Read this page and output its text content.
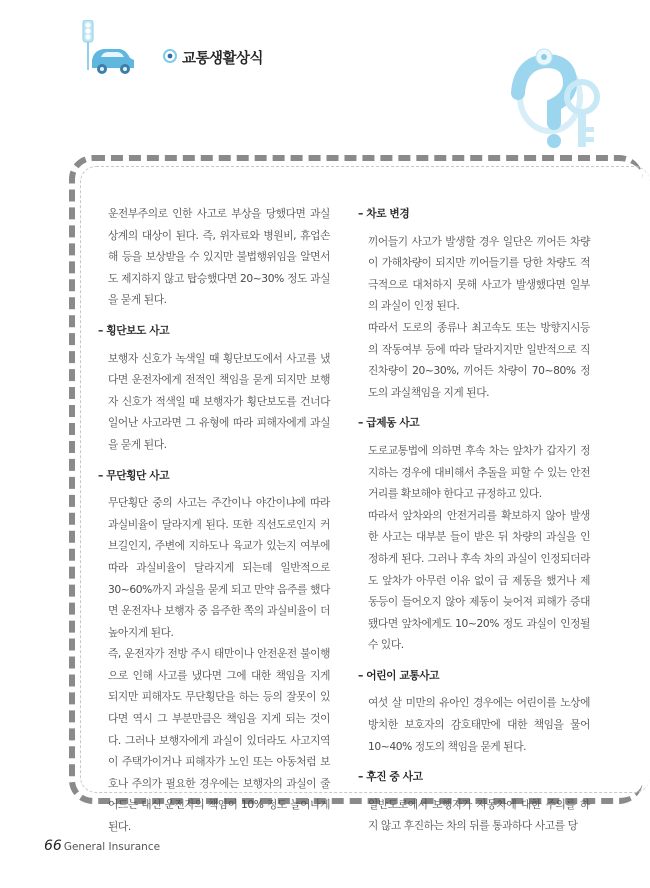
교통생활상식

운전부주의로 인한 사고로 부상을 당했다면 과실상계의 대상이 된다. 즉, 위자료와 병원비, 휴업손해 등을 보상받을 수 있지만 불법행위임을 알면서도 제지하지 않고 탑승했다면 20~30% 정도 과실을 묻게 된다.

– 횡단보도 사고

보행자 신호가 녹색일 때 횡단보도에서 사고를 냈다면 운전자에게 전적인 책임을 묻게 되지만 보행자 신호가 적색일 때 보행자가 횡단보도를 건너다 일어난 사고라면 그 유형에 따라 피해자에게 과실을 묻게 된다.

– 무단횡단 사고

무단횡단 중의 사고는 주간이나 야간이냐에 따라 과실비율이 달라지게 된다. 또한 직선도로인지 커브길인지, 주변에 지하도나 육교가 있는지 여부에 따라 과실비율이 달라지게 되는데 일반적으로 30~60%까지 과실을 묻게 되고 만약 음주를 했다면 운전자나 보행자 중 음주한 쪽의 과실비율이 더 높아지게 된다.

즉, 운전자가 전방 주시 태만이나 안전운전 불이행으로 인해 사고를 냈다면 그에 대한 책임을 지게 되지만 피해자도 무단횡단을 하는 등의 잘못이 있다면 역시 그 부분만큼은 책임을 지게 되는 것이다. 그러나 보행자에게 과실이 있더라도 사고지역이 주택가이거나 피해자가 노인 또는 아동처럼 보호나 주의가 필요한 경우에는 보행자의 과실이 줄어드는 대신 운전자의 책임이 10% 정도 늘어나게 된다.

– 차로 변경

끼어들기 사고가 발생할 경우 일단은 끼어든 차량이 가해차량이 되지만 끼어들기를 당한 차량도 적극적으로 대처하지 못해 사고가 발생했다면 일부의 과실이 인정 된다.

따라서 도로의 종류나 최고속도 또는 방향지시등의 작동여부 등에 따라 달라지지만 일반적으로 직진차량이 20~30%, 끼어든 차량이 70~80% 정도의 과실책임을 지게 된다.

– 급제동 사고

도로교통법에 의하면 후속 차는 앞차가 갑자기 정지하는 경우에 대비해서 추돌을 피할 수 있는 안전거리를 확보해야 한다고 규정하고 있다.

따라서 앞차와의 안전거리를 확보하지 않아 발생한 사고는 대부분 들이 받은 뒤 차량의 과실을 인정하게 된다. 그러나 후속 차의 과실이 인정되더라도 앞차가 아무런 이유 없이 급 제동을 했거나 제동등이 들어오지 않아 제동이 늦어져 피해가 증대됐다면 앞차에게도 10~20% 정도 과실이 인정될 수 있다.

– 어린이 교통사고

여섯 살 미만의 유아인 경우에는 어린이를 노상에 방치한 보호자의 감호태만에 대한 책임을 물어 10~40% 정도의 책임을 묻게 된다.

– 후진 중 사고

일반도로에서 보행자가 자동차에 대한 주의를 하지 않고 후진하는 차의 뒤를 통과하다 사고를 당

66 General Insurance
